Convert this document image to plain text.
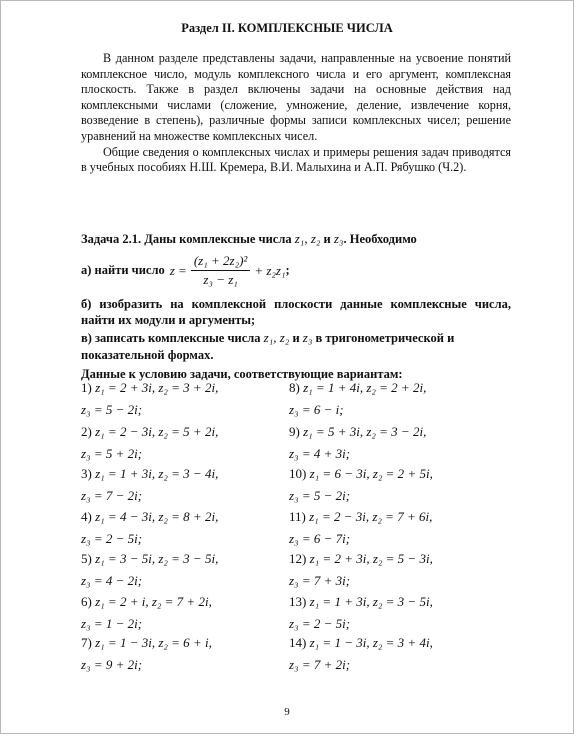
Раздел II. КОМПЛЕКСНЫЕ ЧИСЛА

В данном разделе представлены задачи, направленные на усвоение понятий комплексное число, модуль комплексного числа и его аргумент, комплексная плоскость. Также в раздел включены задачи на основные действия над комплексными числами (сложение, умножение, деление, извлечение корня, возведение в степень), различные формы записи комплексных чисел; решение уравнений на множестве комплексных чисел.

Общие сведения о комплексных числах и примеры решения задач приводятся в учебных пособиях Н.Ш. Кремера, В.И. Малыхина и А.П. Рябушко (Ч.2).

Задача 2.1. Даны комплексные числа z₁, z₂ и z₃. Необходимо
а) найти число $z = \frac{\text{(z₁ + 2z₂)²}}{\text{z₃ − z₁}} + z_2z_1$ ;

б) изобразить на комплексной плоскости данные комплексные числа, найти их модули и аргументы;

в) записать комплексные числа z₁, z₂ и z₃ в тригонометрической и показательной формах.
Данные к условию задачи, соответствующие вариантам:
1) z₁ = 2 + 3i, z₂ = 3 + 2i,
z₃ = 5 − 2i;
2) z₁ = 2 − 3i, z₂ = 5 + 2i,
z₃ = 5 + 2i;
3) z₁ = 1 + 3i, z₂ = 3 − 4i,
z₃ = 7 − 2i;
4) z₁ = 4 − 3i, z₂ = 8 + 2i,
z₃ = 2 − 5i;
5) z₁ = 3 − 5i, z₂ = 3 − 5i,
z₃ = 4 − 2i;
6) z₁ = 2 + i, z₂ = 7 + 2i,
z₃ = 1 − 2i;
7) z₁ = 1 − 3i, z₂ = 6 + i,
z₃ = 9 + 2i;
8) z₁ = 1 + 4i, z₂ = 2 + 2i,
z₃ = 6 − i;
9) z₁ = 5 + 3i, z₂ = 3 − 2i,
z₃ = 4 + 3i;
10) z₁ = 6 − 3i, z₂ = 2 + 5i,
z₃ = 5 − 2i;
11) z₁ = 2 − 3i, z₂ = 7 + 6i,
z₃ = 6 − 7i;
12) z₁ = 2 + 3i, z₂ = 5 − 3i,
z₃ = 7 + 3i;
13) z₁ = 1 + 3i, z₂ = 3 − 5i,
z₃ = 2 − 5i;
14) z₁ = 1 − 3i, z₂ = 3 + 4i,
z₃ = 7 + 2i;
9
